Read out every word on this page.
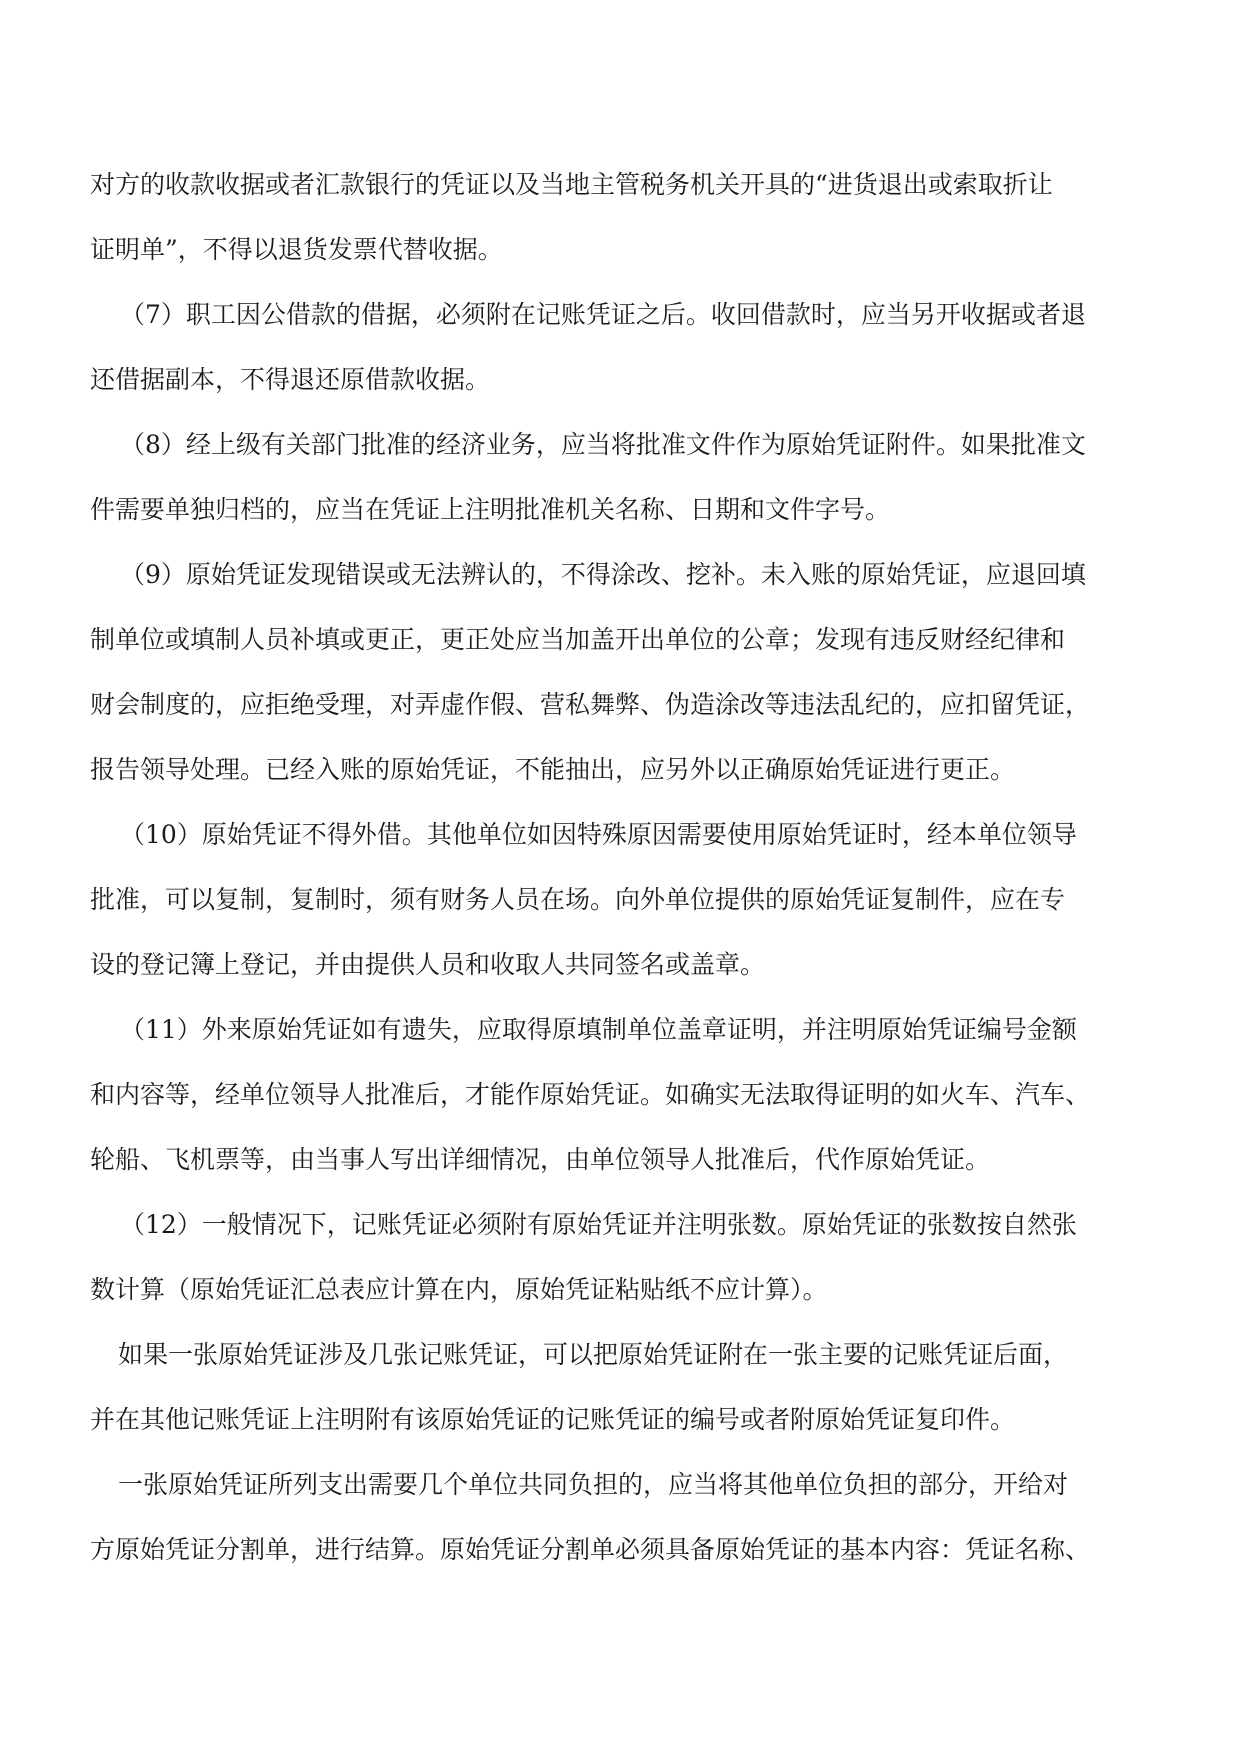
对方的收款收据或者汇款银行的凭证以及当地主管税务机关开具的“进货退出或索取折让
证明单”，不得以退货发票代替收据。
（7）职工因公借款的借据，必须附在记账凭证之后。收回借款时，应当另开收据或者退
还借据副本，不得退还原借款收据。
（8）经上级有关部门批准的经济业务，应当将批准文件作为原始凭证附件。如果批准文
件需要单独归档的，应当在凭证上注明批准机关名称、日期和文件字号。
（9）原始凭证发现错误或无法辨认的，不得涂改、挖补。未入账的原始凭证，应退回填
制单位或填制人员补填或更正，更正处应当加盖开出单位的公章；发现有违反财经纪律和
财会制度的，应拒绝受理，对弄虚作假、营私舞弊、伪造涂改等违法乱纪的，应扣留凭证，
报告领导处理。已经入账的原始凭证，不能抽出，应另外以正确原始凭证进行更正。
（10）原始凭证不得外借。其他单位如因特殊原因需要使用原始凭证时，经本单位领导
批准，可以复制，复制时，须有财务人员在场。向外单位提供的原始凭证复制件，应在专
设的登记簿上登记，并由提供人员和收取人共同签名或盖章。
（11）外来原始凭证如有遗失，应取得原填制单位盖章证明，并注明原始凭证编号金额
和内容等，经单位领导人批准后，才能作原始凭证。如确实无法取得证明的如火车、汽车、
轮船、飞机票等，由当事人写出详细情况，由单位领导人批准后，代作原始凭证。
（12）一般情况下，记账凭证必须附有原始凭证并注明张数。原始凭证的张数按自然张
数计算（原始凭证汇总表应计算在内，原始凭证粘贴纸不应计算）。
如果一张原始凭证涉及几张记账凭证，可以把原始凭证附在一张主要的记账凭证后面，
并在其他记账凭证上注明附有该原始凭证的记账凭证的编号或者附原始凭证复印件。
一张原始凭证所列支出需要几个单位共同负担的，应当将其他单位负担的部分，开给对
方原始凭证分割单，进行结算。原始凭证分割单必须具备原始凭证的基本内容：凭证名称、
